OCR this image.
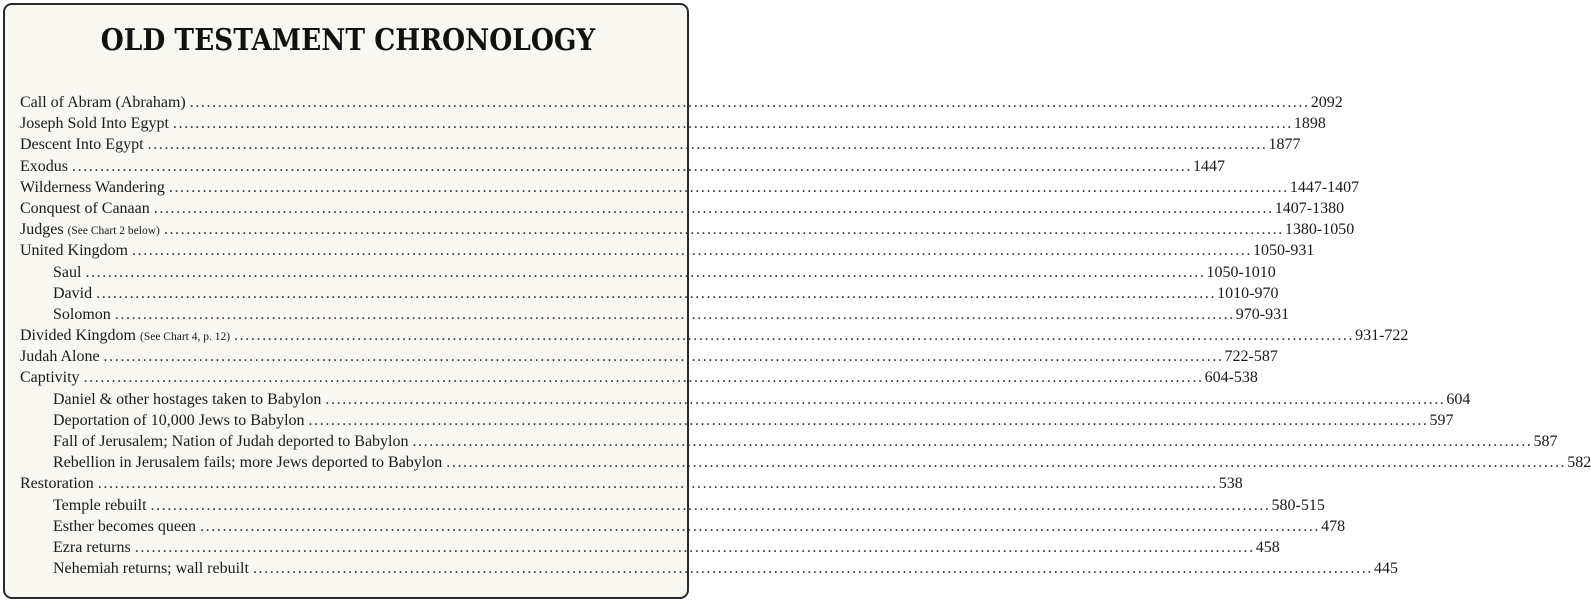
OLD TESTAMENT CHRONOLOGY
Call of Abram (Abraham) ........................................................................................................................................................................................................ 2092
Joseph Sold Into Egypt ........................................................................................................................................................................................................ 1898
Descent Into Egypt ........................................................................................................................................................................................................ 1877
Exodus ........................................................................................................................................................................................................ 1447
Wilderness Wandering ........................................................................................................................................................................................................ 1447-1407
Conquest of Canaan ........................................................................................................................................................................................................ 1407-1380
Judges (See Chart 2 below) ........................................................................................................................................................................................................ 1380-1050
United Kingdom ........................................................................................................................................................................................................ 1050-931
Saul ........................................................................................................................................................................................................ 1050-1010
David ........................................................................................................................................................................................................ 1010-970
Solomon ........................................................................................................................................................................................................ 970-931
Divided Kingdom (See Chart 4, p. 12) ........................................................................................................................................................................................................ 931-722
Judah Alone ........................................................................................................................................................................................................ 722-587
Captivity ........................................................................................................................................................................................................ 604-538
Daniel & other hostages taken to Babylon ........................................................................................................................................................................................................ 604
Deportation of 10,000 Jews to Babylon ........................................................................................................................................................................................................ 597
Fall of Jerusalem; Nation of Judah deported to Babylon ........................................................................................................................................................................................................ 587
Rebellion in Jerusalem fails; more Jews deported to Babylon ........................................................................................................................................................................................................ 582
Restoration ........................................................................................................................................................................................................ 538
Temple rebuilt ........................................................................................................................................................................................................ 580-515
Esther becomes queen ........................................................................................................................................................................................................ 478
Ezra returns ........................................................................................................................................................................................................ 458
Nehemiah returns; wall rebuilt ........................................................................................................................................................................................................ 445
